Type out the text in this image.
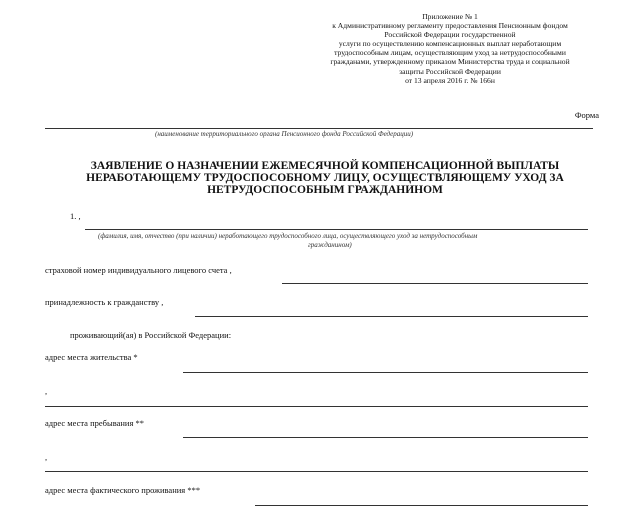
Приложение № 1
к Административному регламенту предоставления Пенсионным фондом
Российской Федерации государственной
услуги по осуществлению компенсационных выплат неработающим
трудоспособным лицам, осуществляющим уход за нетрудоспособными
гражданами, утвержденному приказом Министерства труда и социальной
защиты Российской Федерации
от 13 апреля 2016 г. № 166н
Форма
(наименование территориального органа Пенсионного фонда Российской Федерации)
ЗАЯВЛЕНИЕ О НАЗНАЧЕНИИ ЕЖЕМЕСЯЧНОЙ КОМПЕНСАЦИОННОЙ ВЫПЛАТЫ
НЕРАБОТАЮЩЕМУ ТРУДОСПОСОБНОМУ ЛИЦУ, ОСУЩЕСТВЛЯЮЩЕМУ УХОД ЗА
НЕТРУДОСПОСОБНЫМ ГРАЖДАНИНОМ
1. ,
(фамилия, имя, отчество (при наличии) неработающего трудоспособного лица, осуществляющего уход за нетрудоспособным
гражданином)
страховой номер индивидуального лицевого счета ,
принадлежность к гражданству ,
проживающий(ая) в Российской Федерации:
адрес места жительства *
,
адрес места пребывания **
,
адрес места фактического проживания ***
